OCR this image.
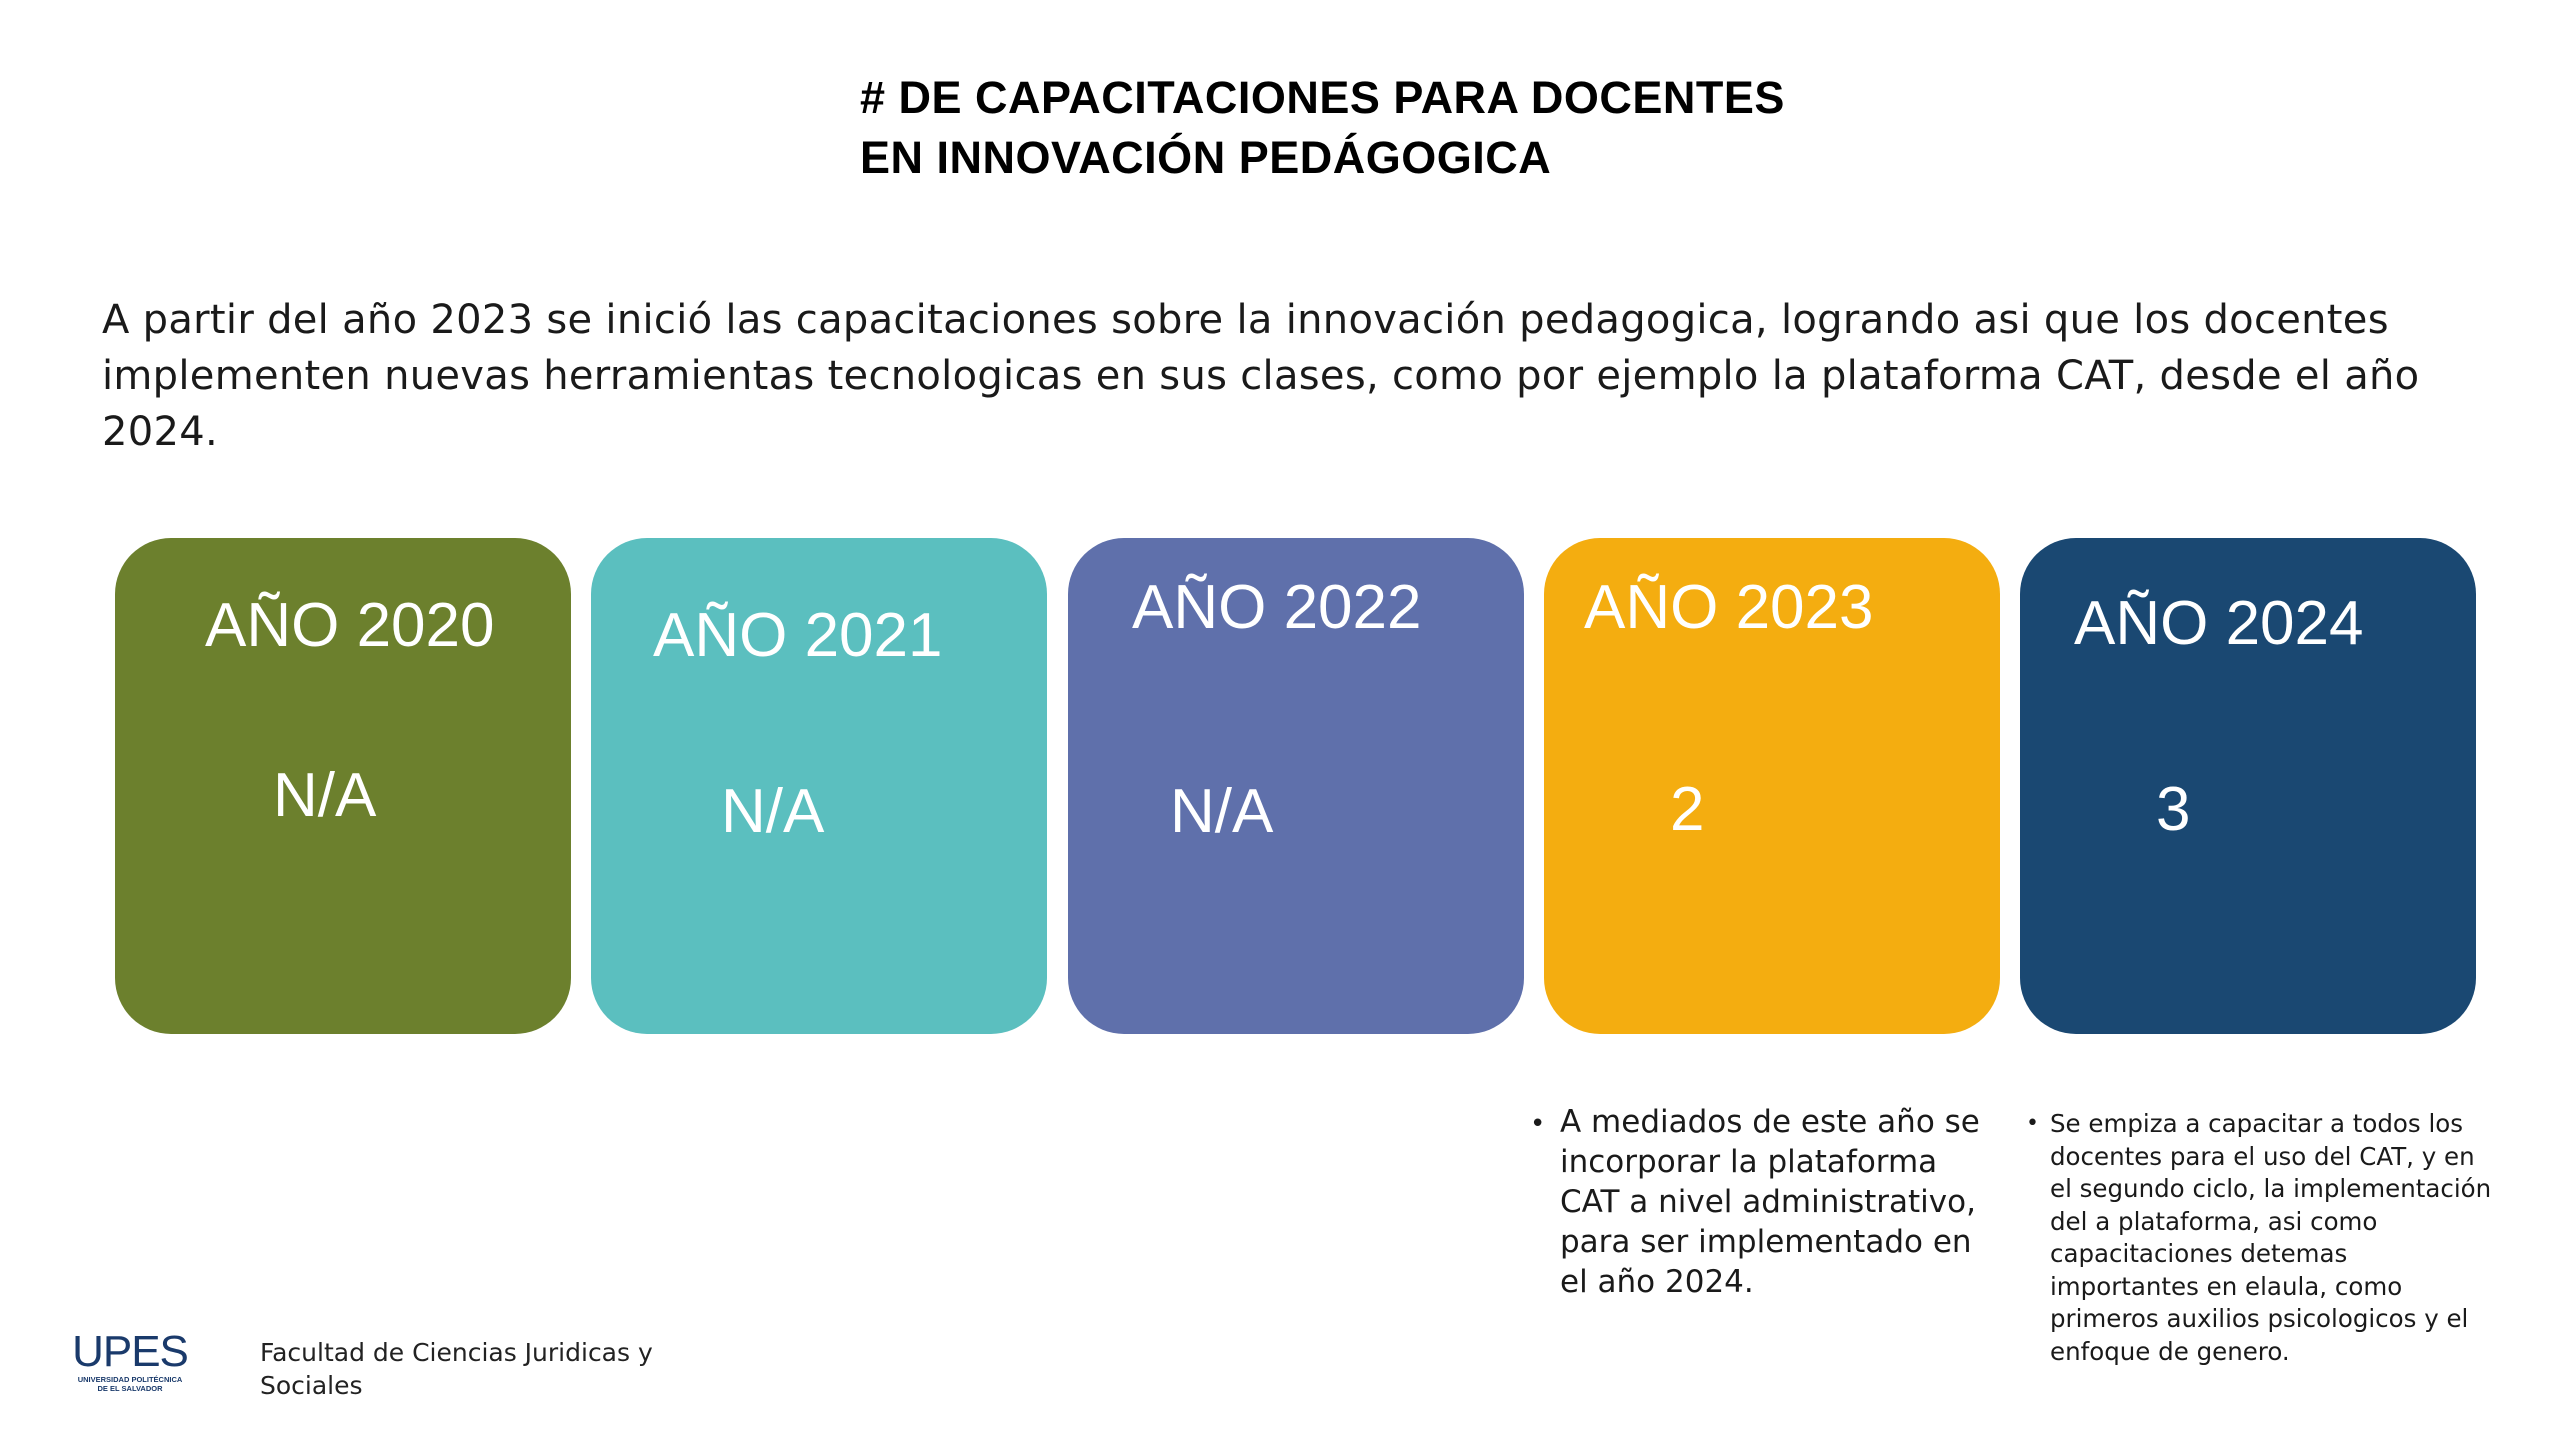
# DE CAPACITACIONES PARA DOCENTES
EN INNOVACIÓN PEDÁGOGICA
A partir del año 2023 se inició las capacitaciones sobre la innovación pedagogica, logrando asi que los docentes implementen nuevas herramientas tecnologicas en sus clases, como por ejemplo la plataforma CAT, desde el año 2024.
AÑO 2020
N/A
AÑO 2021
N/A
AÑO 2022
N/A
AÑO 2023
2
AÑO 2024
3
• A mediados de este año se incorporar la plataforma CAT a nivel administrativo, para ser implementado en el año 2024.
• Se empiza a capacitar a todos los docentes para el uso del CAT, y en el segundo ciclo, la implementación del a plataforma, asi como capacitaciones detemas importantes en elaula, como primeros auxilios psicologicos y el enfoque de genero.
UPES
UNIVERSIDAD POLITÉCNICA
DE EL SALVADOR
Facultad de Ciencias Juridicas y Sociales
